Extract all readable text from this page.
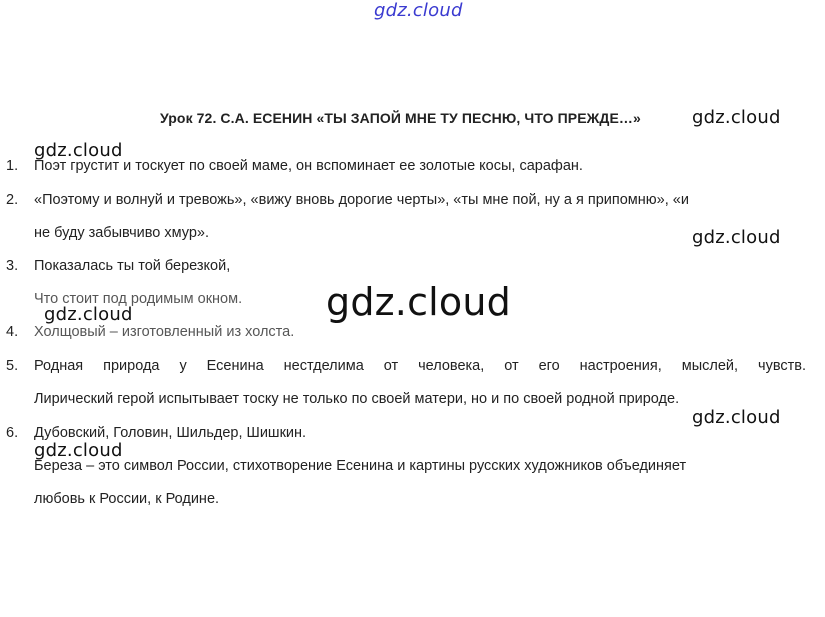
gdz.cloud
Урок 72. С.А. ЕСЕНИН «ТЫ ЗАПОЙ МНЕ ТУ ПЕСНЮ, ЧТО ПРЕЖДЕ…»	gdz.cloud
gdz.cloud
1. Поэт грустит и тоскует по своей маме, он вспоминает ее золотые косы, сарафан.
2. «Поэтому и волнуй и тревожь», «вижу вновь дорогие черты», «ты мне пой, ну а я припомню», «и
не буду забывчиво хмур».	gdz.cloud
3. Показалась ты той березкой,
Что стоит под родимым окном. gdz.cloud
gdz.cloud
4. Холщовый – изготовленный из холста.
5. Родная природа у Есенина нестделима от человека, от его настроения, мыслей, чувств.
Лирический герой испытывает тоску не только по своей матери, но и по своей родной природе.
gdz.cloud
6. Дубовский, Головин, Шильдер, Шишкин.
gdz.cloud
Береза – это символ России, стихотворение Есенина и картины русских художников объединяет
любовь к России, к Родине.
